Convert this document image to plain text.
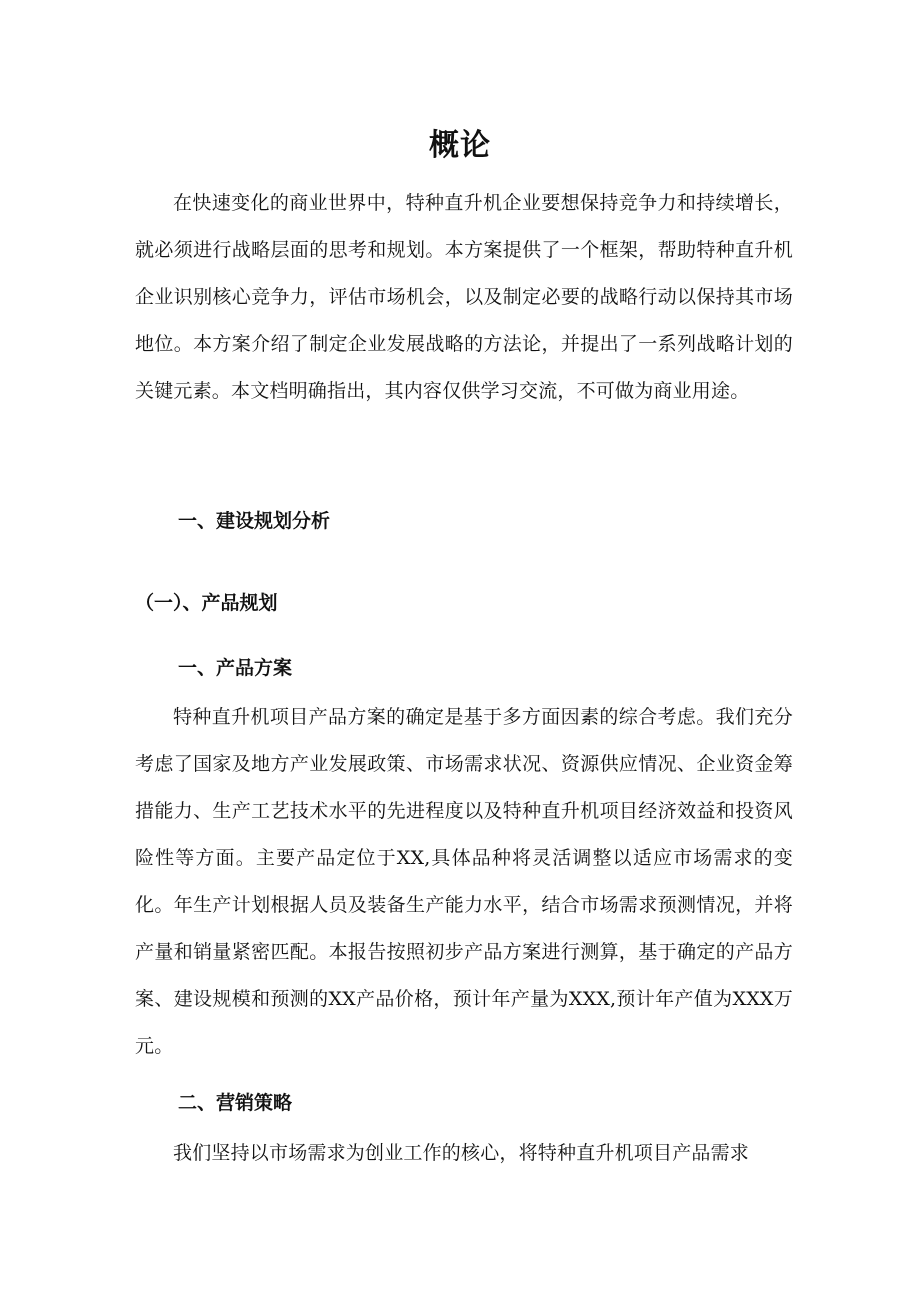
概论

在快速变化的商业世界中，特种直升机企业要想保持竞争力和持续增长，就必须进行战略层面的思考和规划。本方案提供了一个框架，帮助特种直升机企业识别核心竞争力，评估市场机会，以及制定必要的战略行动以保持其市场地位。本方案介绍了制定企业发展战略的方法论，并提出了一系列战略计划的关键元素。本文档明确指出，其内容仅供学习交流，不可做为商业用途。

一、建设规划分析
（一）、产品规划
一、产品方案

特种直升机项目产品方案的确定是基于多方面因素的综合考虑。我们充分考虑了国家及地方产业发展政策、市场需求状况、资源供应情况、企业资金筹措能力、生产工艺技术水平的先进程度以及特种直升机项目经济效益和投资风险性等方面。主要产品定位于XX,具体品种将灵活调整以适应市场需求的变化。年生产计划根据人员及装备生产能力水平，结合市场需求预测情况，并将产量和销量紧密匹配。本报告按照初步产品方案进行测算，基于确定的产品方案、建设规模和预测的XX产品价格，预计年产量为XXX,预计年产值为XXX万元。

二、营销策略

我们坚持以市场需求为创业工作的核心，将特种直升机项目产品需求
